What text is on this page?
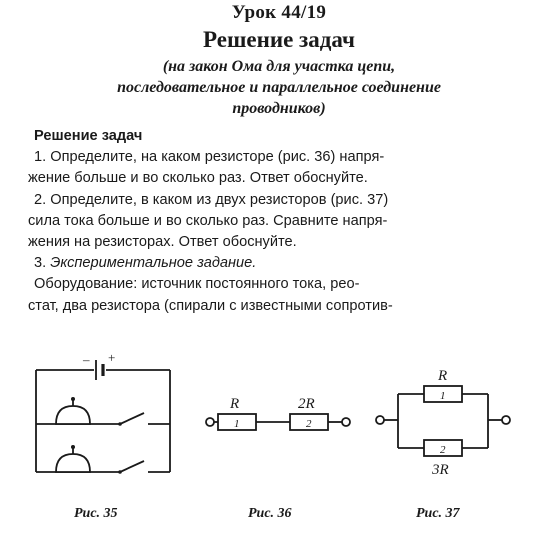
Урок 44/19
Решение задач
(на закон Ома для участка цепи,
последовательное и параллельное соединение
проводников)
Решение задач
1. Определите, на каком резисторе (рис. 36) напря-
жение больше и во сколько раз. Ответ обоснуйте.
2. Определите, в каком из двух резисторов (рис. 37)
сила тока больше и во сколько раз. Сравните напря-
жения на резисторах. Ответ обоснуйте.
3. Экспериментальное задание.
Оборудование: источник постоянного тока, рео-
стат, два резистора (спирали с известными сопротив-
– +
Рис. 35
R	2R
1	2
Рис. 36
R
3R
1
2
Рис. 37
